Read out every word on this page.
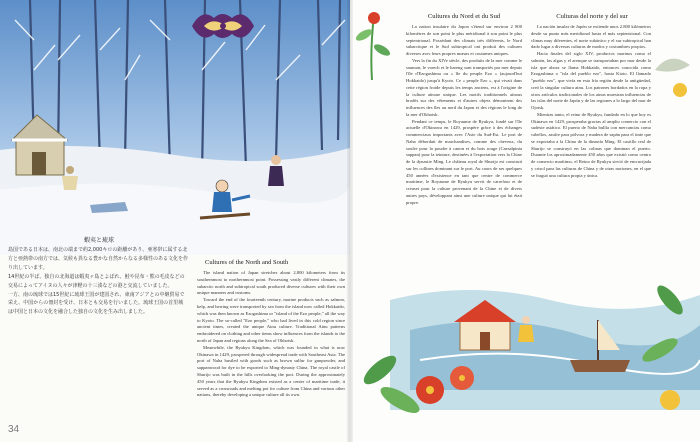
蝦夷と琉球

島国である日本は、南北の端まで約2,000キロの距離があり、亜寒帯に属する北方と亜熱帯の南方では、気候も異なる豊かな自然からなる多様性のある文化を作り出しています。

14世紀の半ば、独自の北海道は蝦夷ヶ島とよばれ、鮭や昆布・熊の毛皮などの交易によってアイヌの人々が津軽の十三湊などの港と交流していました。

一方、南の琉球では15世紀に琉球王国が建国され、東南アジアとの中継貿易で栄え、中国からの冊封を受け、日本とも交易を行いました。琉球王国の首里城は中国と日本の文化を融合した独自の文化を生み出しました。

Cultures of the North and South

The island nation of Japan stretches about 2,800 kilometers from its southernmost to northernmost point. Possessing vastly different climates, the subarctic north and subtropical south produced diverse cultures with their own unique manners and customs.

Toward the end of the fourteenth century, marine products such as salmon, kelp, and herring were transported by sea from the island now called Hokkaido, which was then known as Ezogashima or "island of the Ezo people," all the way to Kyoto. The so-called "Ezo people," who had lived in this cold region since ancient times, created the unique Ainu culture. Traditional Ainu patterns embroidered on clothing and other items show influences from the islands to the north of Japan and regions along the Sea of Okhotsk.

Meanwhile, the Ryukyu Kingdom, which was founded in what is now Okinawa in 1429, prospered through widespread trade with Southeast Asia. The port of Naha bustled with goods such as brown sulfur for gunpowder, and sappanwood for dye to be exported to Ming-dynasty China. The royal castle of Shurijo was built in the hills overlooking the port. During the approximately 450 years that the Ryukyu Kingdom existed as a center of maritime trade, it served as a crossroads and melting pot for culture from China and various other nations, thereby developing a unique culture all its own.

34
Cultures du Nord et du Sud

La nation insulaire du Japon s'étend sur environ 2 800 kilomètres de son point le plus méridional à son point le plus septentrional. Possédant des climats très différents, le Nord subarctique et le Sud subtropical ont produit des cultures diverses avec leurs propres mœurs et coutumes uniques.

Vers la fin du XIVe siècle, des produits de la mer comme le saumon, le varech et le hareng sont transportés par mer depuis l'île d'Ezogashima ou « île du peuple Ezo » (aujourd'hui Hokkaido) jusqu'à Kyoto. Ce « peuple Ezo », qui vivait dans cette région froide depuis les temps anciens, est à l'origine de la culture aïnoue unique. Les motifs traditionnels aïnous brodés sur des vêtements et d'autres objets démontrent des influences des îles au nord du Japon et des régions le long de la mer d'Okhotsk.

Pendant ce temps, le Royaume de Ryukyu, fondé sur l'île actuelle d'Okinawa en 1429, prospère grâce à des échanges commerciaux importants avec l'Asie du Sud-Est. Le port de Naha débordait de marchandises, comme des cheveux, du soufre pour la poudre à canon et du bois rouge (Caesalpinia sappan) pour la teinture, destinées à l'exportation vers la Chine de la dynastie Ming. Le château royal de Shurijo est construit sur les collines dominant sur le port. Au cours de ses quelques 450 années d'existence en tant que centre de commerce maritime, le Royaume de Ryukyu servit de carrefour et de creuset pour la culture provenant de la Chine et de divers autres pays, développant ainsi une culture unique qui lui était propre.

Culturas del norte y del sur

La nación insular de Japón se extiende unos 2.800 kilómetros desde su punto más meridional hasta el más septentrional. Con climas muy diferentes, el norte subártico y el sur subtropical han dado lugar a diversas culturas de modos y costumbres propios.

Hacia finales del siglo XIV, productos marinos como el salmón, las algas y el arenque se transportaban por mar desde la isla que ahora se llama Hokkaido, entonces conocida como Ezogashima o "isla del pueblo ezo", hasta Kioto. El llamado "pueblo ezo", que vivía en esta fría región desde la antigüedad, creó la singular cultura ainu. Los patrones bordados en la ropa y otros artículos tradicionales de los ainus muestran influencias de las islas del norte de Japón y de las regiones a lo largo del mar de Ojotsk.

Mientras tanto, el reino de Ryukyu, fundado en lo que hoy es Okinawa en 1429, prosperaba gracias al amplio comercio con el sudeste asiático. El puerto de Naha bullía con mercancías como cabellos, azufre para pólvora y madera de sapán para el tinte que se exportaba a la China de la dinastía Ming. El castillo real de Shurijo se construyó en las colinas que dominan el puerto. Durante los aproximadamente 450 años que existió como centro de comercio marítimo, el Reino de Ryukyu sirvió de encrucijada y crisol para las culturas de China y de otras naciones, en el que se fraguó una cultura propia y única.
